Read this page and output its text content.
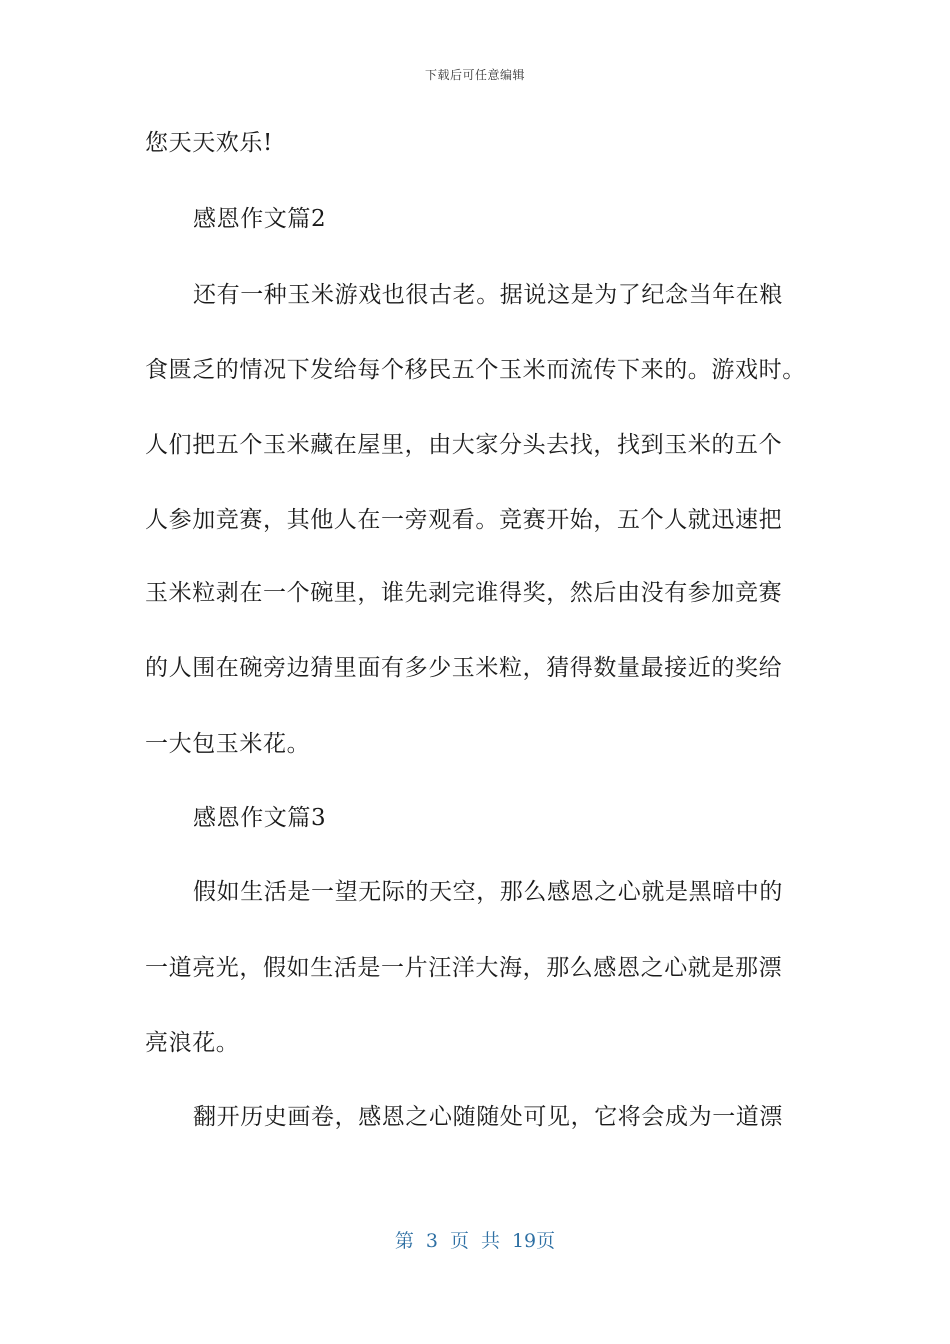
下载后可任意编辑
您天天欢乐!
感恩作文篇2
还有一种玉米游戏也很古老。据说这是为了纪念当年在粮
食匮乏的情况下发给每个移民五个玉米而流传下来的。游戏时。
人们把五个玉米藏在屋里，由大家分头去找，找到玉米的五个
人参加竞赛，其他人在一旁观看。竞赛开始，五个人就迅速把
玉米粒剥在一个碗里，谁先剥完谁得奖，然后由没有参加竞赛
的人围在碗旁边猜里面有多少玉米粒，猜得数量最接近的奖给
一大包玉米花。
感恩作文篇3
假如生活是一望无际的天空，那么感恩之心就是黑暗中的
一道亮光，假如生活是一片汪洋大海，那么感恩之心就是那漂
亮浪花。
翻开历史画卷，感恩之心随随处可见，它将会成为一道漂
第 3 页 共 19页
